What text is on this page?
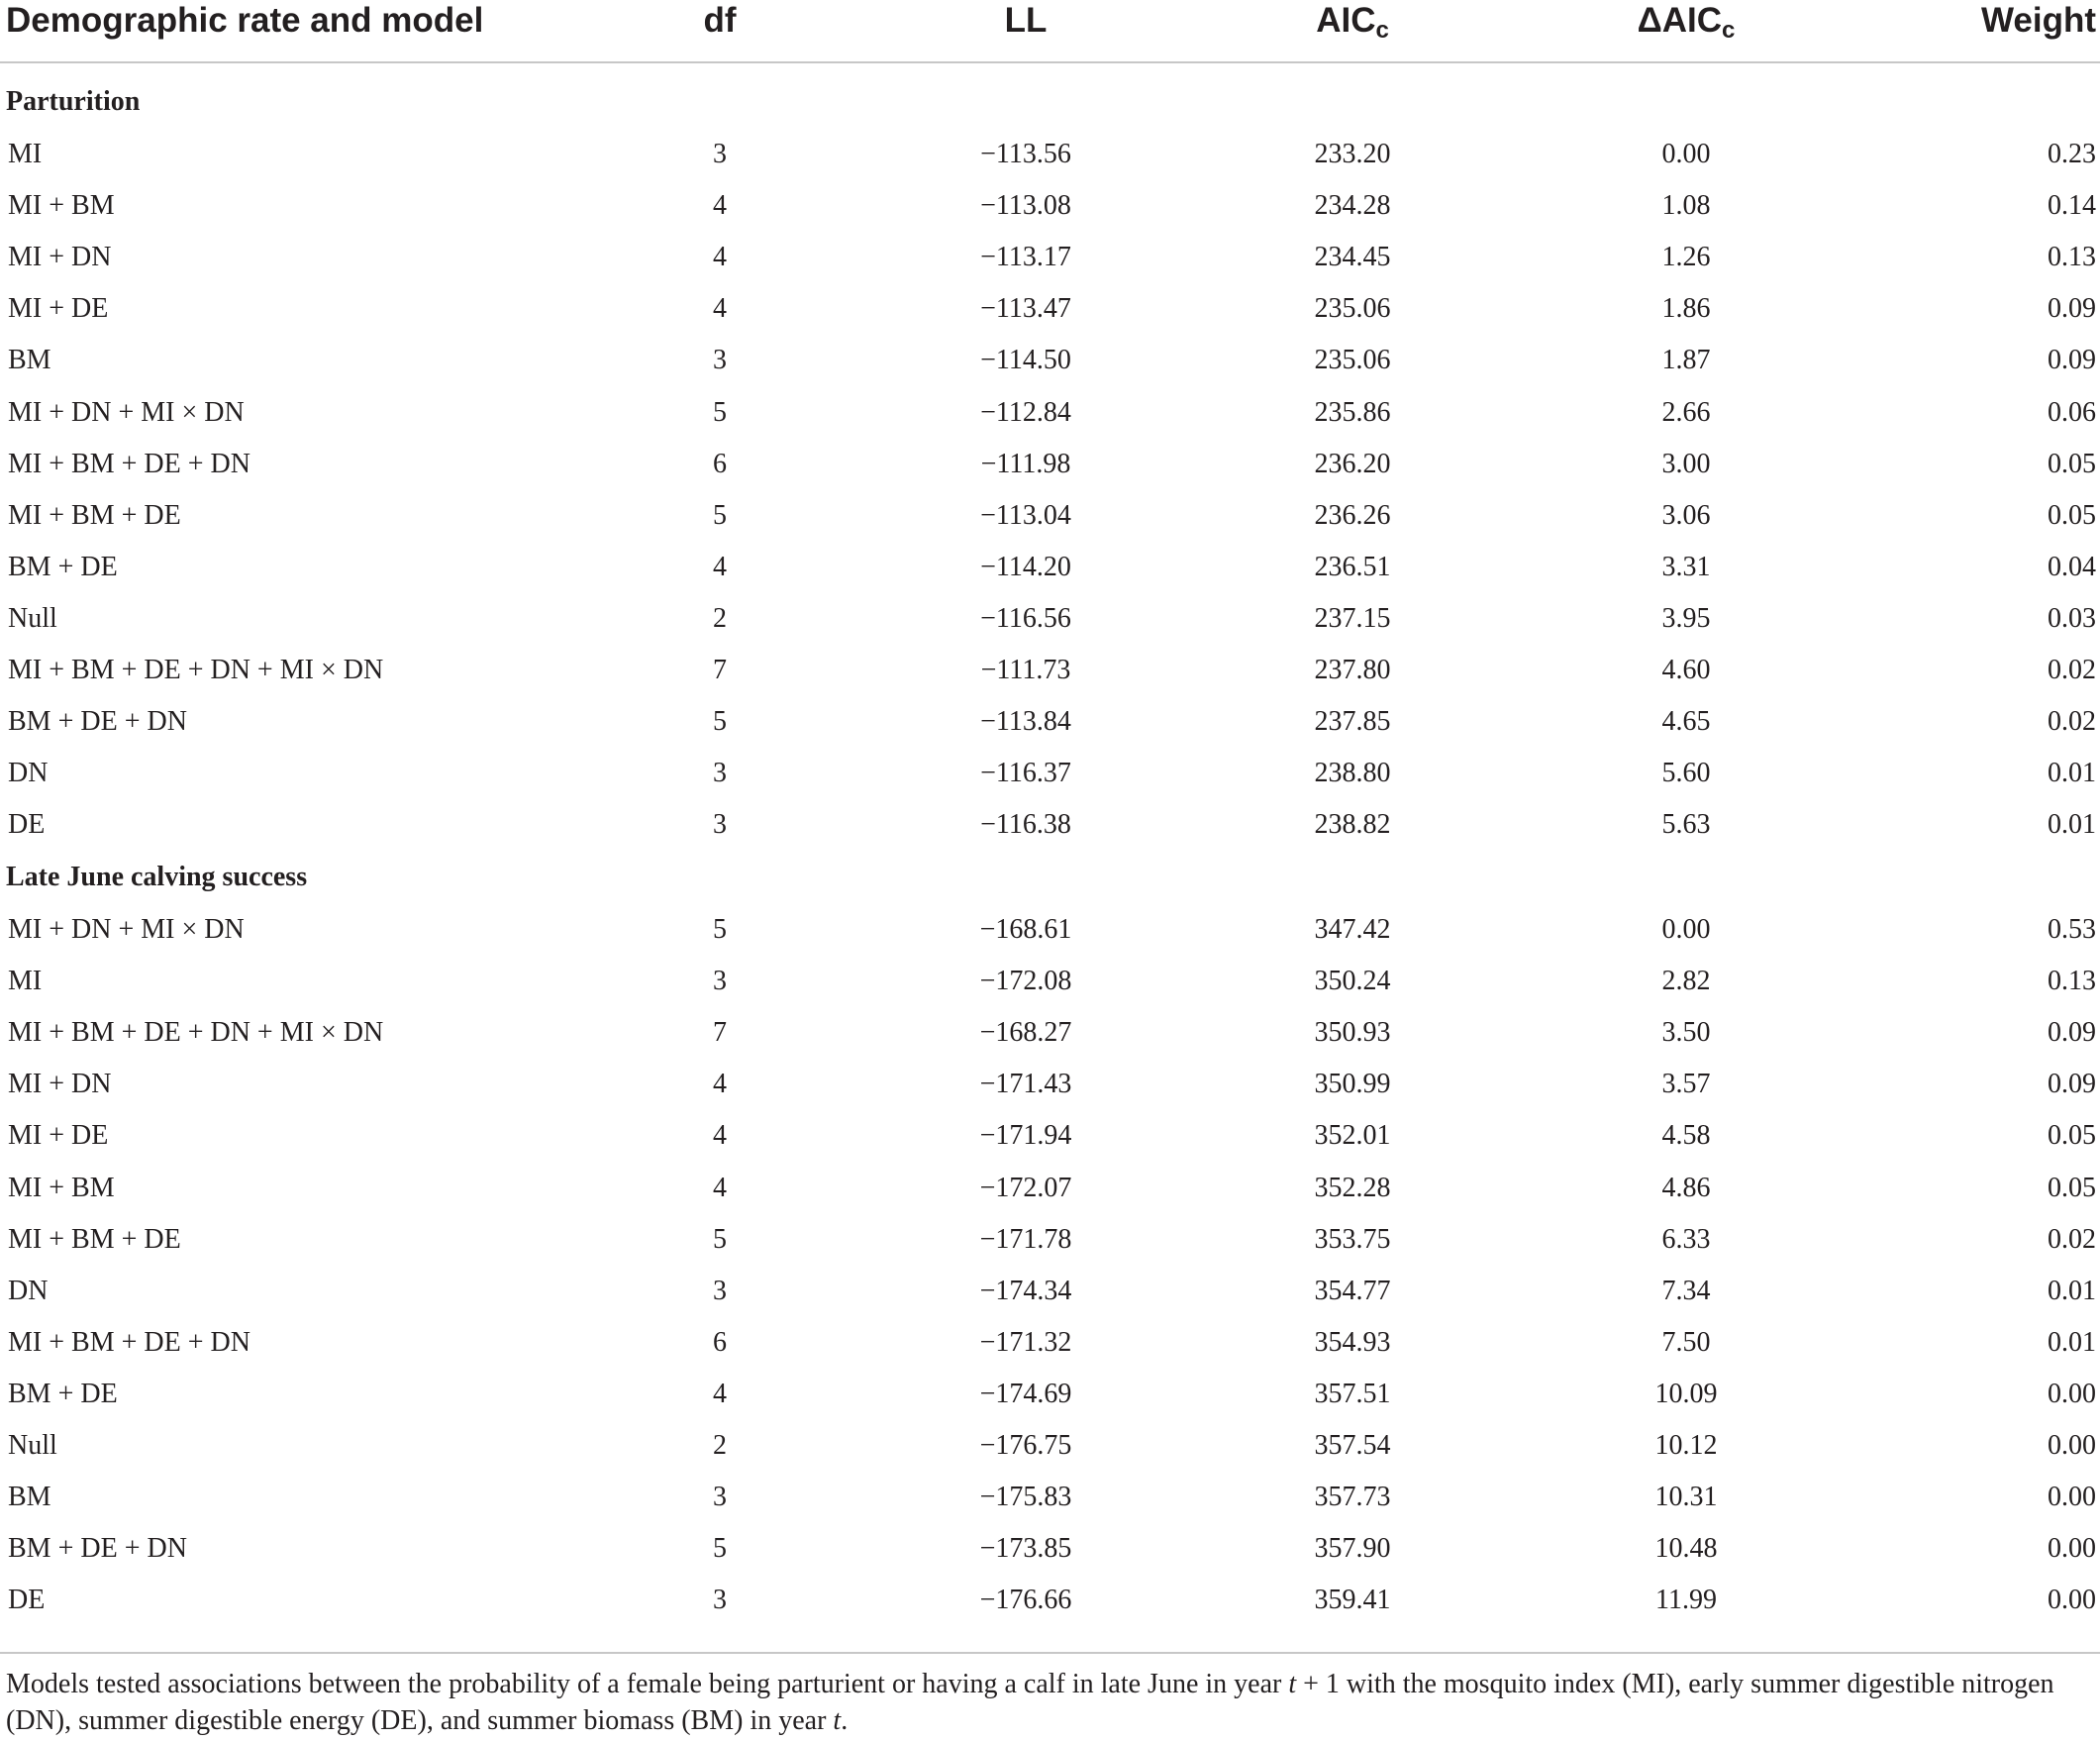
Demographic rate and model	df	LL	$AIC_c$	$\Delta AIC_c$	Weight
Parturition
MI	3	−113.56	233.20	0.00	0.23
MI + BM	4	−113.08	234.28	1.08	0.14
MI + DN	4	−113.17	234.45	1.26	0.13
MI + DE	4	−113.47	235.06	1.86	0.09
BM	3	−114.50	235.06	1.87	0.09
MI + DN + MI × DN	5	−112.84	235.86	2.66	0.06
MI + BM + DE + DN	6	−111.98	236.20	3.00	0.05
MI + BM + DE	5	−113.04	236.26	3.06	0.05
BM + DE	4	−114.20	236.51	3.31	0.04
Null	2	−116.56	237.15	3.95	0.03
MI + BM + DE + DN + MI × DN	7	−111.73	237.80	4.60	0.02
BM + DE + DN	5	−113.84	237.85	4.65	0.02
DN	3	−116.37	238.80	5.60	0.01
DE	3	−116.38	238.82	5.63	0.01
Late June calving success
MI + DN + MI × DN	5	−168.61	347.42	0.00	0.53
MI	3	−172.08	350.24	2.82	0.13
MI + BM + DE + DN + MI × DN	7	−168.27	350.93	3.50	0.09
MI + DN	4	−171.43	350.99	3.57	0.09
MI + DE	4	−171.94	352.01	4.58	0.05
MI + BM	4	−172.07	352.28	4.86	0.05
MI + BM + DE	5	−171.78	353.75	6.33	0.02
DN	3	−174.34	354.77	7.34	0.01
MI + BM + DE + DN	6	−171.32	354.93	7.50	0.01
BM + DE	4	−174.69	357.51	10.09	0.00
Null	2	−176.75	357.54	10.12	0.00
BM	3	−175.83	357.73	10.31	0.00
BM + DE + DN	5	−173.85	357.90	10.48	0.00
DE	3	−176.66	359.41	11.99	0.00
Models tested associations between the probability of a female being parturient or having a calf in late June in year t + 1 with the mosquito index (MI), early summer digestible nitrogen (DN), summer digestible energy (DE), and summer biomass (BM) in year t.
